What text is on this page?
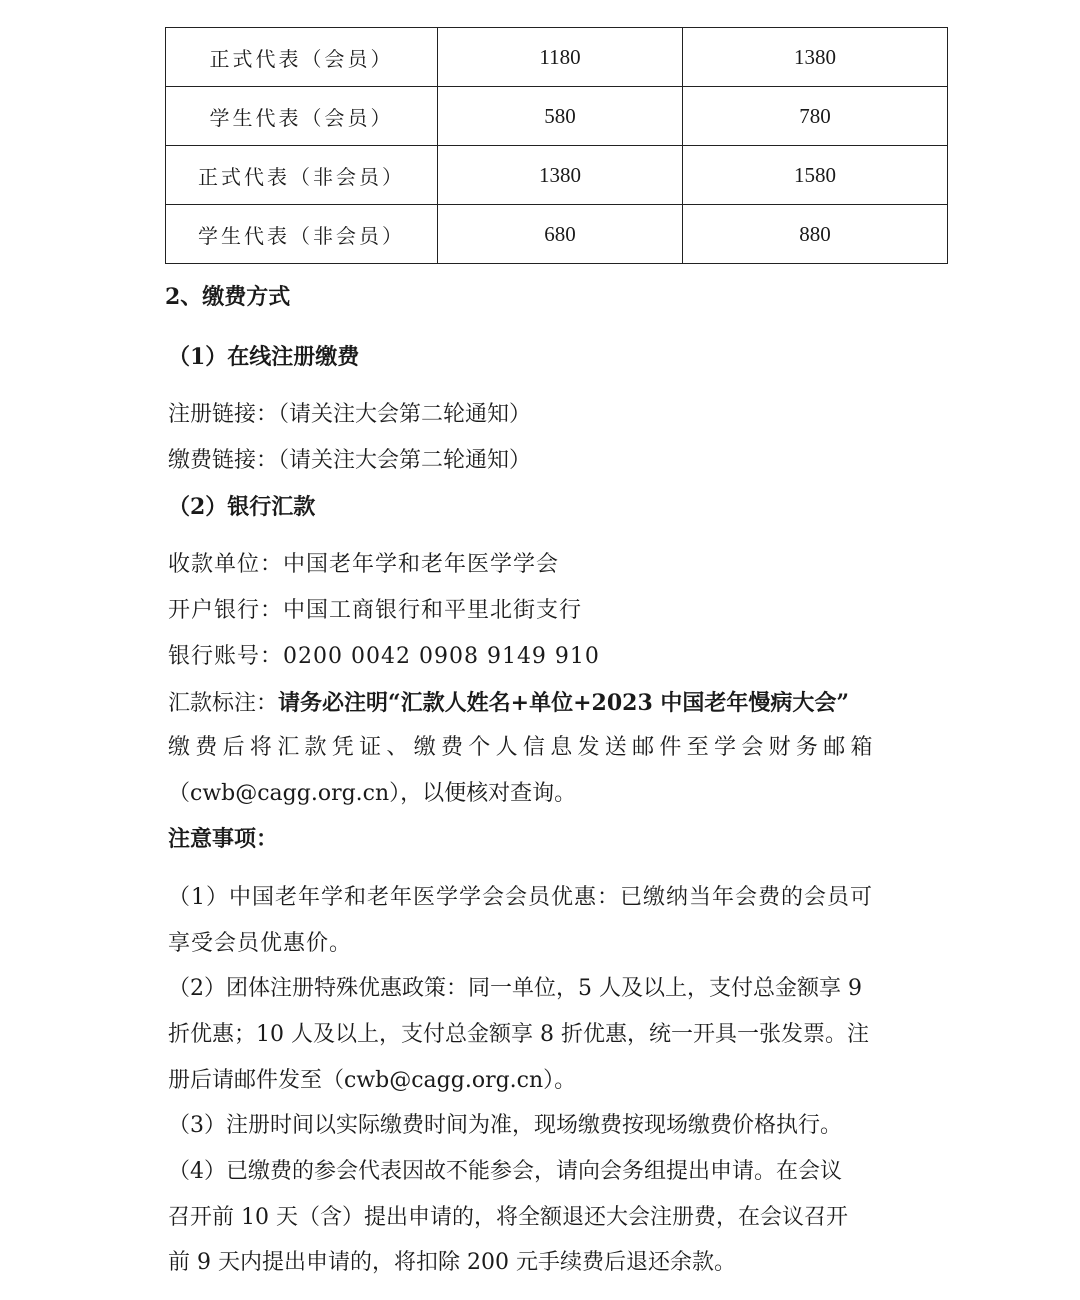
正式代表（会员）	1180	1380
学生代表（会员）	580	780
正式代表（非会员）	1380	1580
学生代表（非会员）	680	880
2、缴费方式
（1）在线注册缴费
注册链接：（请关注大会第二轮通知）
缴费链接：（请关注大会第二轮通知）
（2）银行汇款
收款单位：中国老年学和老年医学学会
开户银行：中国工商银行和平里北街支行
银行账号：0200 0042 0908 9149 910
汇款标注：请务必注明“汇款人姓名+单位+2023 中国老年慢病大会”
缴费后将汇款凭证、缴费个人信息发送邮件至学会财务邮箱
（cwb@cagg.org.cn），以便核对查询。
注意事项：
（1）中国老年学和老年医学学会会员优惠：已缴纳当年会费的会员可
享受会员优惠价。
（2）团体注册特殊优惠政策：同一单位，5 人及以上，支付总金额享 9
折优惠；10 人及以上，支付总金额享 8 折优惠，统一开具一张发票。注
册后请邮件发至（cwb@cagg.org.cn）。
（3）注册时间以实际缴费时间为准，现场缴费按现场缴费价格执行。
（4）已缴费的参会代表因故不能参会，请向会务组提出申请。在会议
召开前 10 天（含）提出申请的，将全额退还大会注册费，在会议召开
前 9 天内提出申请的，将扣除 200 元手续费后退还余款。
